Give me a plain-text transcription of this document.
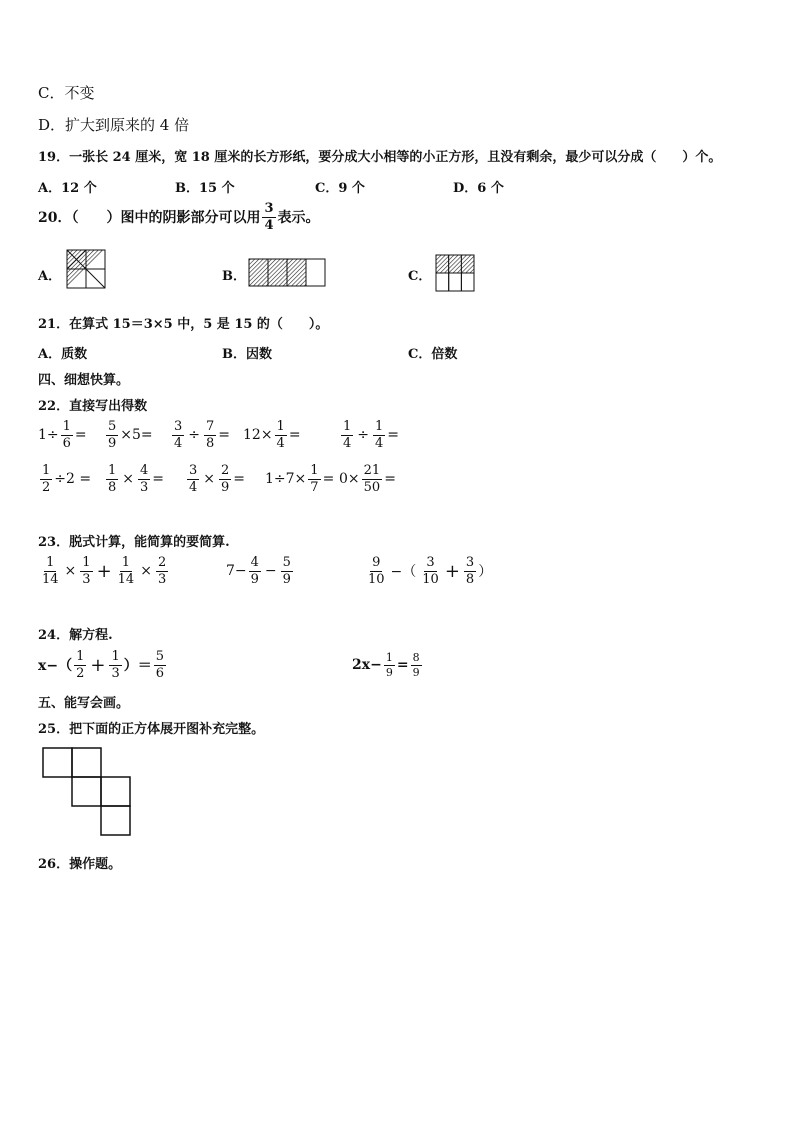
C．不变
D．扩大到原来的 4 倍
19．一张长 24 厘米，宽 18 厘米的长方形纸，要分成大小相等的小正方形，且没有剩余，最少可以分成（　　）个。
A．12 个	B．15 个	C．9 个	D．6 个
20．（　　）图中的阴影部分可以用 $\frac{3}{4}$ 表示。
A．	B．	C．
21．在算式 15＝3×5 中，5 是 15 的（　　）。
A．质数	B．因数	C．倍数
四、细想快算。
22．直接写出得数
$1\div \frac{1}{6} = \frac{5}{9} \times 5= \frac{3}{4} \div \frac{7}{8} = 12\times \frac{1}{4}$ =	$\frac{1}{4} \div \frac{1}{4}$ =
$\frac{1}{2} \div 2 = \frac{1}{8} \times \frac{4}{3} = \frac{3}{4} \times \frac{2}{9} = 1\div 7\times \frac{1}{7} = 0\times \frac{21}{50}$ =
23．脱式计算，能简算的要简算.
$\frac{1}{14} \times \frac{1}{3} + \frac{1}{14} \times \frac{2}{3}$	$7- \frac{4}{9} - \frac{5}{9}$	$\frac{9}{10}$ −（ $\frac{3}{10} + \frac{3}{8}$ ）
24．解方程.
$x-( \frac{1}{2} + \frac{1}{3}$ ）＝ $\frac{5}{6}$	$2x- \frac{1}{9} = \frac{8}{9}$
五、能写会画。
25．把下面的正方体展开图补充完整。
26．操作题。
